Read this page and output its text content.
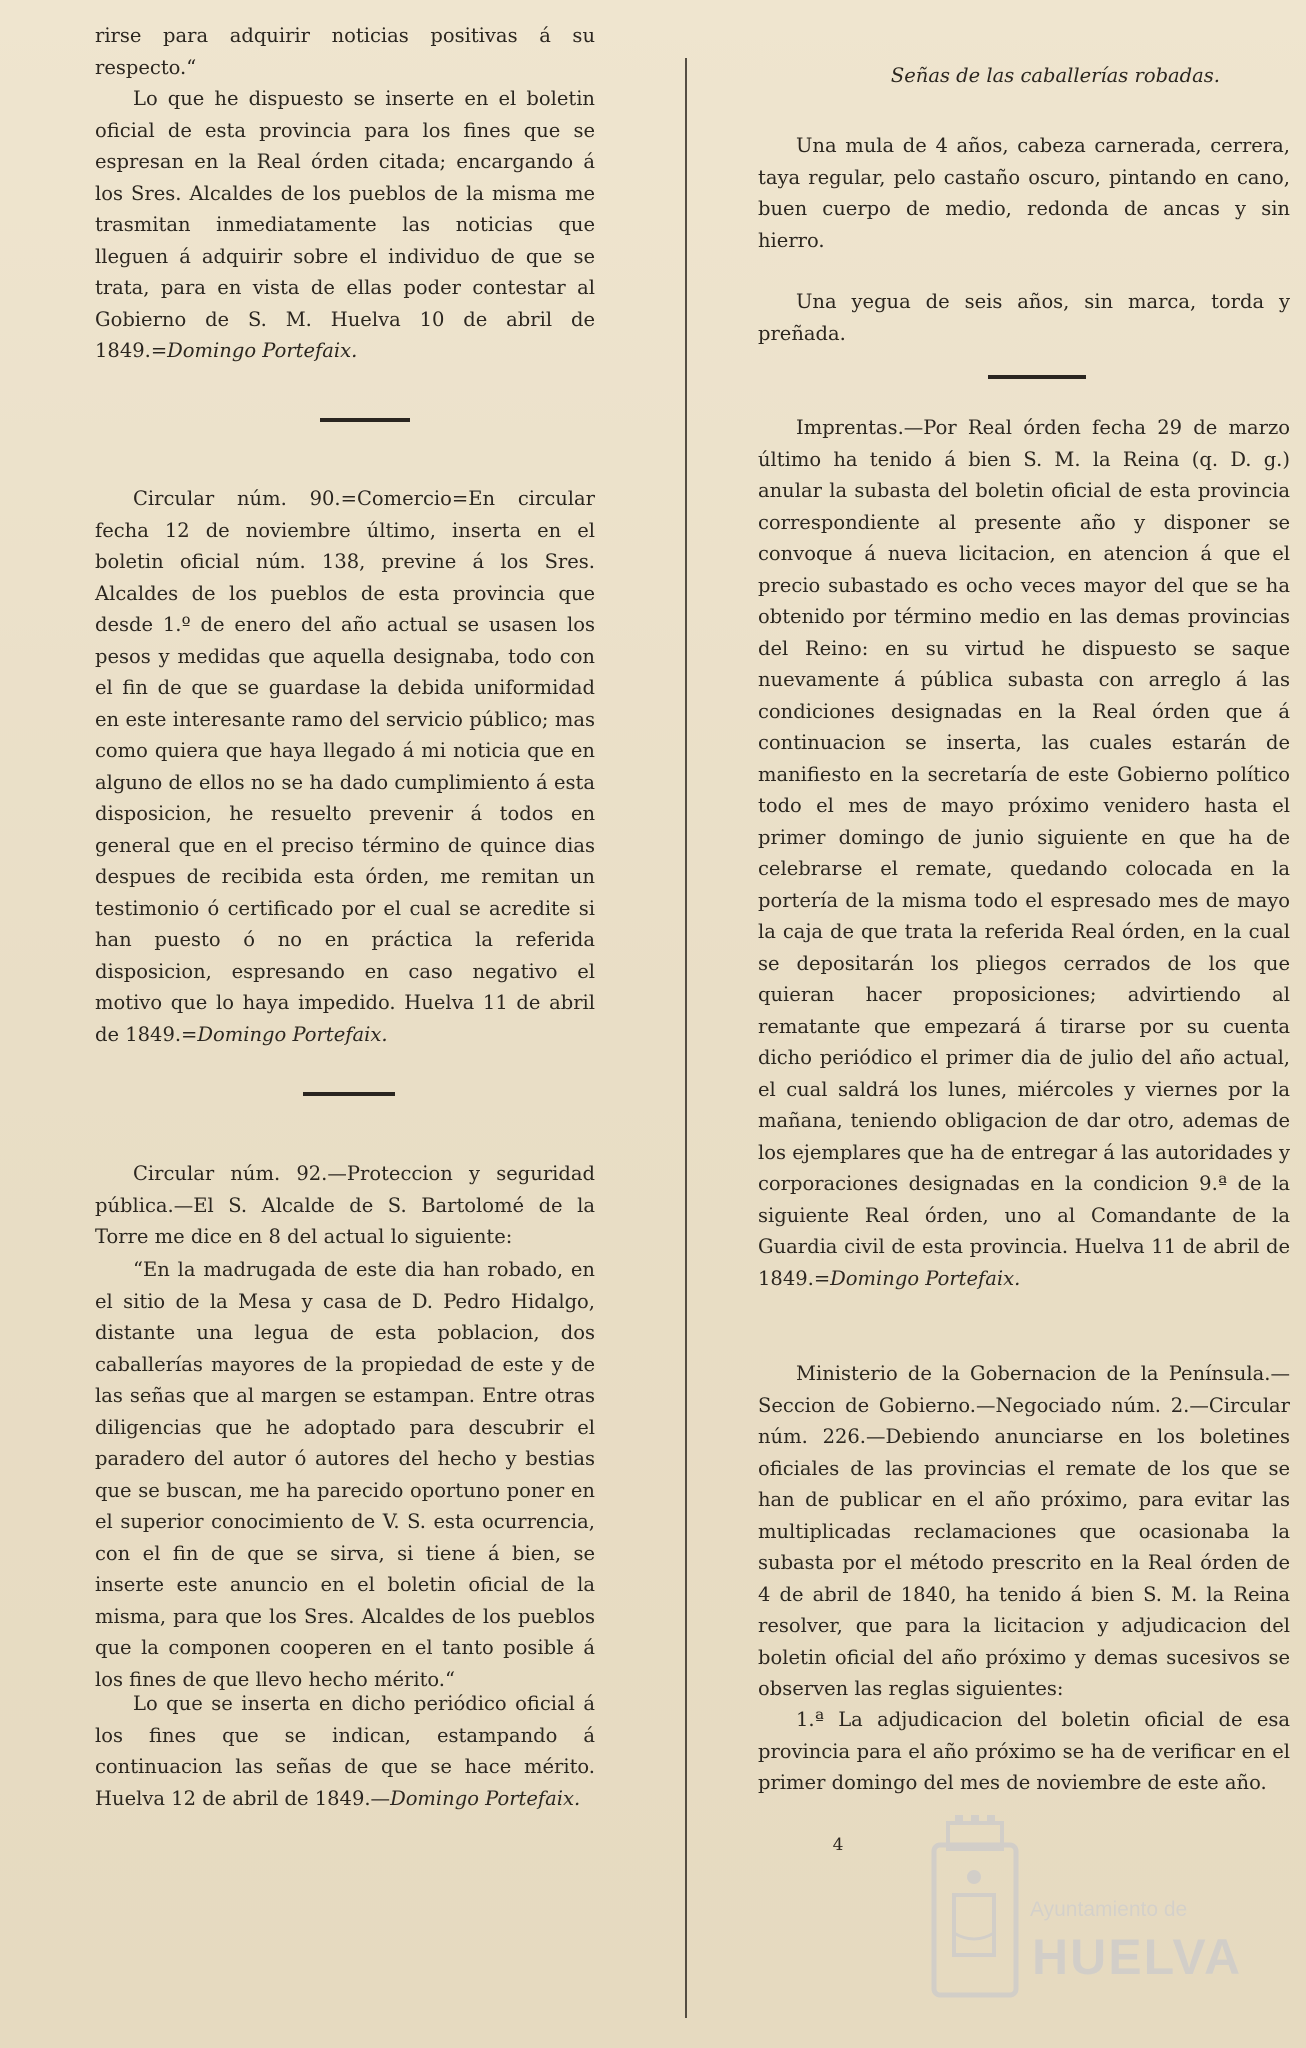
rirse para adquirir noticias positivas á su respecto.“

Lo que he dispuesto se inserte en el boletin oficial de esta provincia para los fines que se espresan en la Real órden citada; encargando á los Sres. Alcaldes de los pueblos de la misma me trasmitan inmediatamente las noticias que lleguen á adquirir sobre el individuo de que se trata, para en vista de ellas poder contestar al Gobierno de S. M. Huelva 10 de abril de 1849.=Domingo Portefaix.

Circular núm. 90.=Comercio=En circular fecha 12 de noviembre último, inserta en el boletin oficial núm. 138, previne á los Sres. Alcaldes de los pueblos de esta provincia que desde 1.º de enero del año actual se usasen los pesos y medidas que aquella designaba, todo con el fin de que se guardase la debida uniformidad en este interesante ramo del servicio público; mas como quiera que haya llegado á mi noticia que en alguno de ellos no se ha dado cumplimiento á esta disposicion, he resuelto prevenir á todos en general que en el preciso término de quince dias despues de recibida esta órden, me remitan un testimonio ó certificado por el cual se acredite si han puesto ó no en práctica la referida disposicion, espresando en caso negativo el motivo que lo haya impedido. Huelva 11 de abril de 1849.=Domingo Portefaix.

Circular núm. 92.—Proteccion y seguridad pública.—El S. Alcalde de S. Bartolomé de la Torre me dice en 8 del actual lo siguiente:

“En la madrugada de este dia han robado, en el sitio de la Mesa y casa de D. Pedro Hidalgo, distante una legua de esta poblacion, dos caballerías mayores de la propiedad de este y de las señas que al margen se estampan. Entre otras diligencias que he adoptado para descubrir el paradero del autor ó autores del hecho y bestias que se buscan, me ha parecido oportuno poner en el superior conocimiento de V. S. esta ocurrencia, con el fin de que se sirva, si tiene á bien, se inserte este anuncio en el boletin oficial de la misma, para que los Sres. Alcaldes de los pueblos que la componen cooperen en el tanto posible á los fines de que llevo hecho mérito.“

Lo que se inserta en dicho periódico oficial á los fines que se indican, estampando á continuacion las señas de que se hace mérito. Huelva 12 de abril de 1849.—Domingo Portefaix.

Señas de las caballerías robadas.

Una mula de 4 años, cabeza carnerada, cerrera, taya regular, pelo castaño oscuro, pintando en cano, buen cuerpo de medio, redonda de ancas y sin hierro.

Una yegua de seis años, sin marca, torda y preñada.

Imprentas.—Por Real órden fecha 29 de marzo último ha tenido á bien S. M. la Reina (q. D. g.) anular la subasta del boletin oficial de esta provincia correspondiente al presente año y disponer se convoque á nueva licitacion, en atencion á que el precio subastado es ocho veces mayor del que se ha obtenido por término medio en las demas provincias del Reino: en su virtud he dispuesto se saque nuevamente á pública subasta con arreglo á las condiciones designadas en la Real órden que á continuacion se inserta, las cuales estarán de manifiesto en la secretaría de este Gobierno político todo el mes de mayo próximo venidero hasta el primer domingo de junio siguiente en que ha de celebrarse el remate, quedando colocada en la portería de la misma todo el espresado mes de mayo la caja de que trata la referida Real órden, en la cual se depositarán los pliegos cerrados de los que quieran hacer proposiciones; advirtiendo al rematante que empezará á tirarse por su cuenta dicho periódico el primer dia de julio del año actual, el cual saldrá los lunes, miércoles y viernes por la mañana, teniendo obligacion de dar otro, ademas de los ejemplares que ha de entregar á las autoridades y corporaciones designadas en la condicion 9.ª de la siguiente Real órden, uno al Comandante de la Guardia civil de esta provincia. Huelva 11 de abril de 1849.=Domingo Portefaix.

Ministerio de la Gobernacion de la Península.—Seccion de Gobierno.—Negociado núm. 2.—Circular núm. 226.—Debiendo anunciarse en los boletines oficiales de las provincias el remate de los que se han de publicar en el año próximo, para evitar las multiplicadas reclamaciones que ocasionaba la subasta por el método prescrito en la Real órden de 4 de abril de 1840, ha tenido á bien S. M. la Reina resolver, que para la licitacion y adjudicacion del boletin oficial del año próximo y demas sucesivos se observen las reglas siguientes:

1.ª La adjudicacion del boletin oficial de esa provincia para el año próximo se ha de verificar en el primer domingo del mes de noviembre de este año.

4

Ayuntamiento de
HUELVA
